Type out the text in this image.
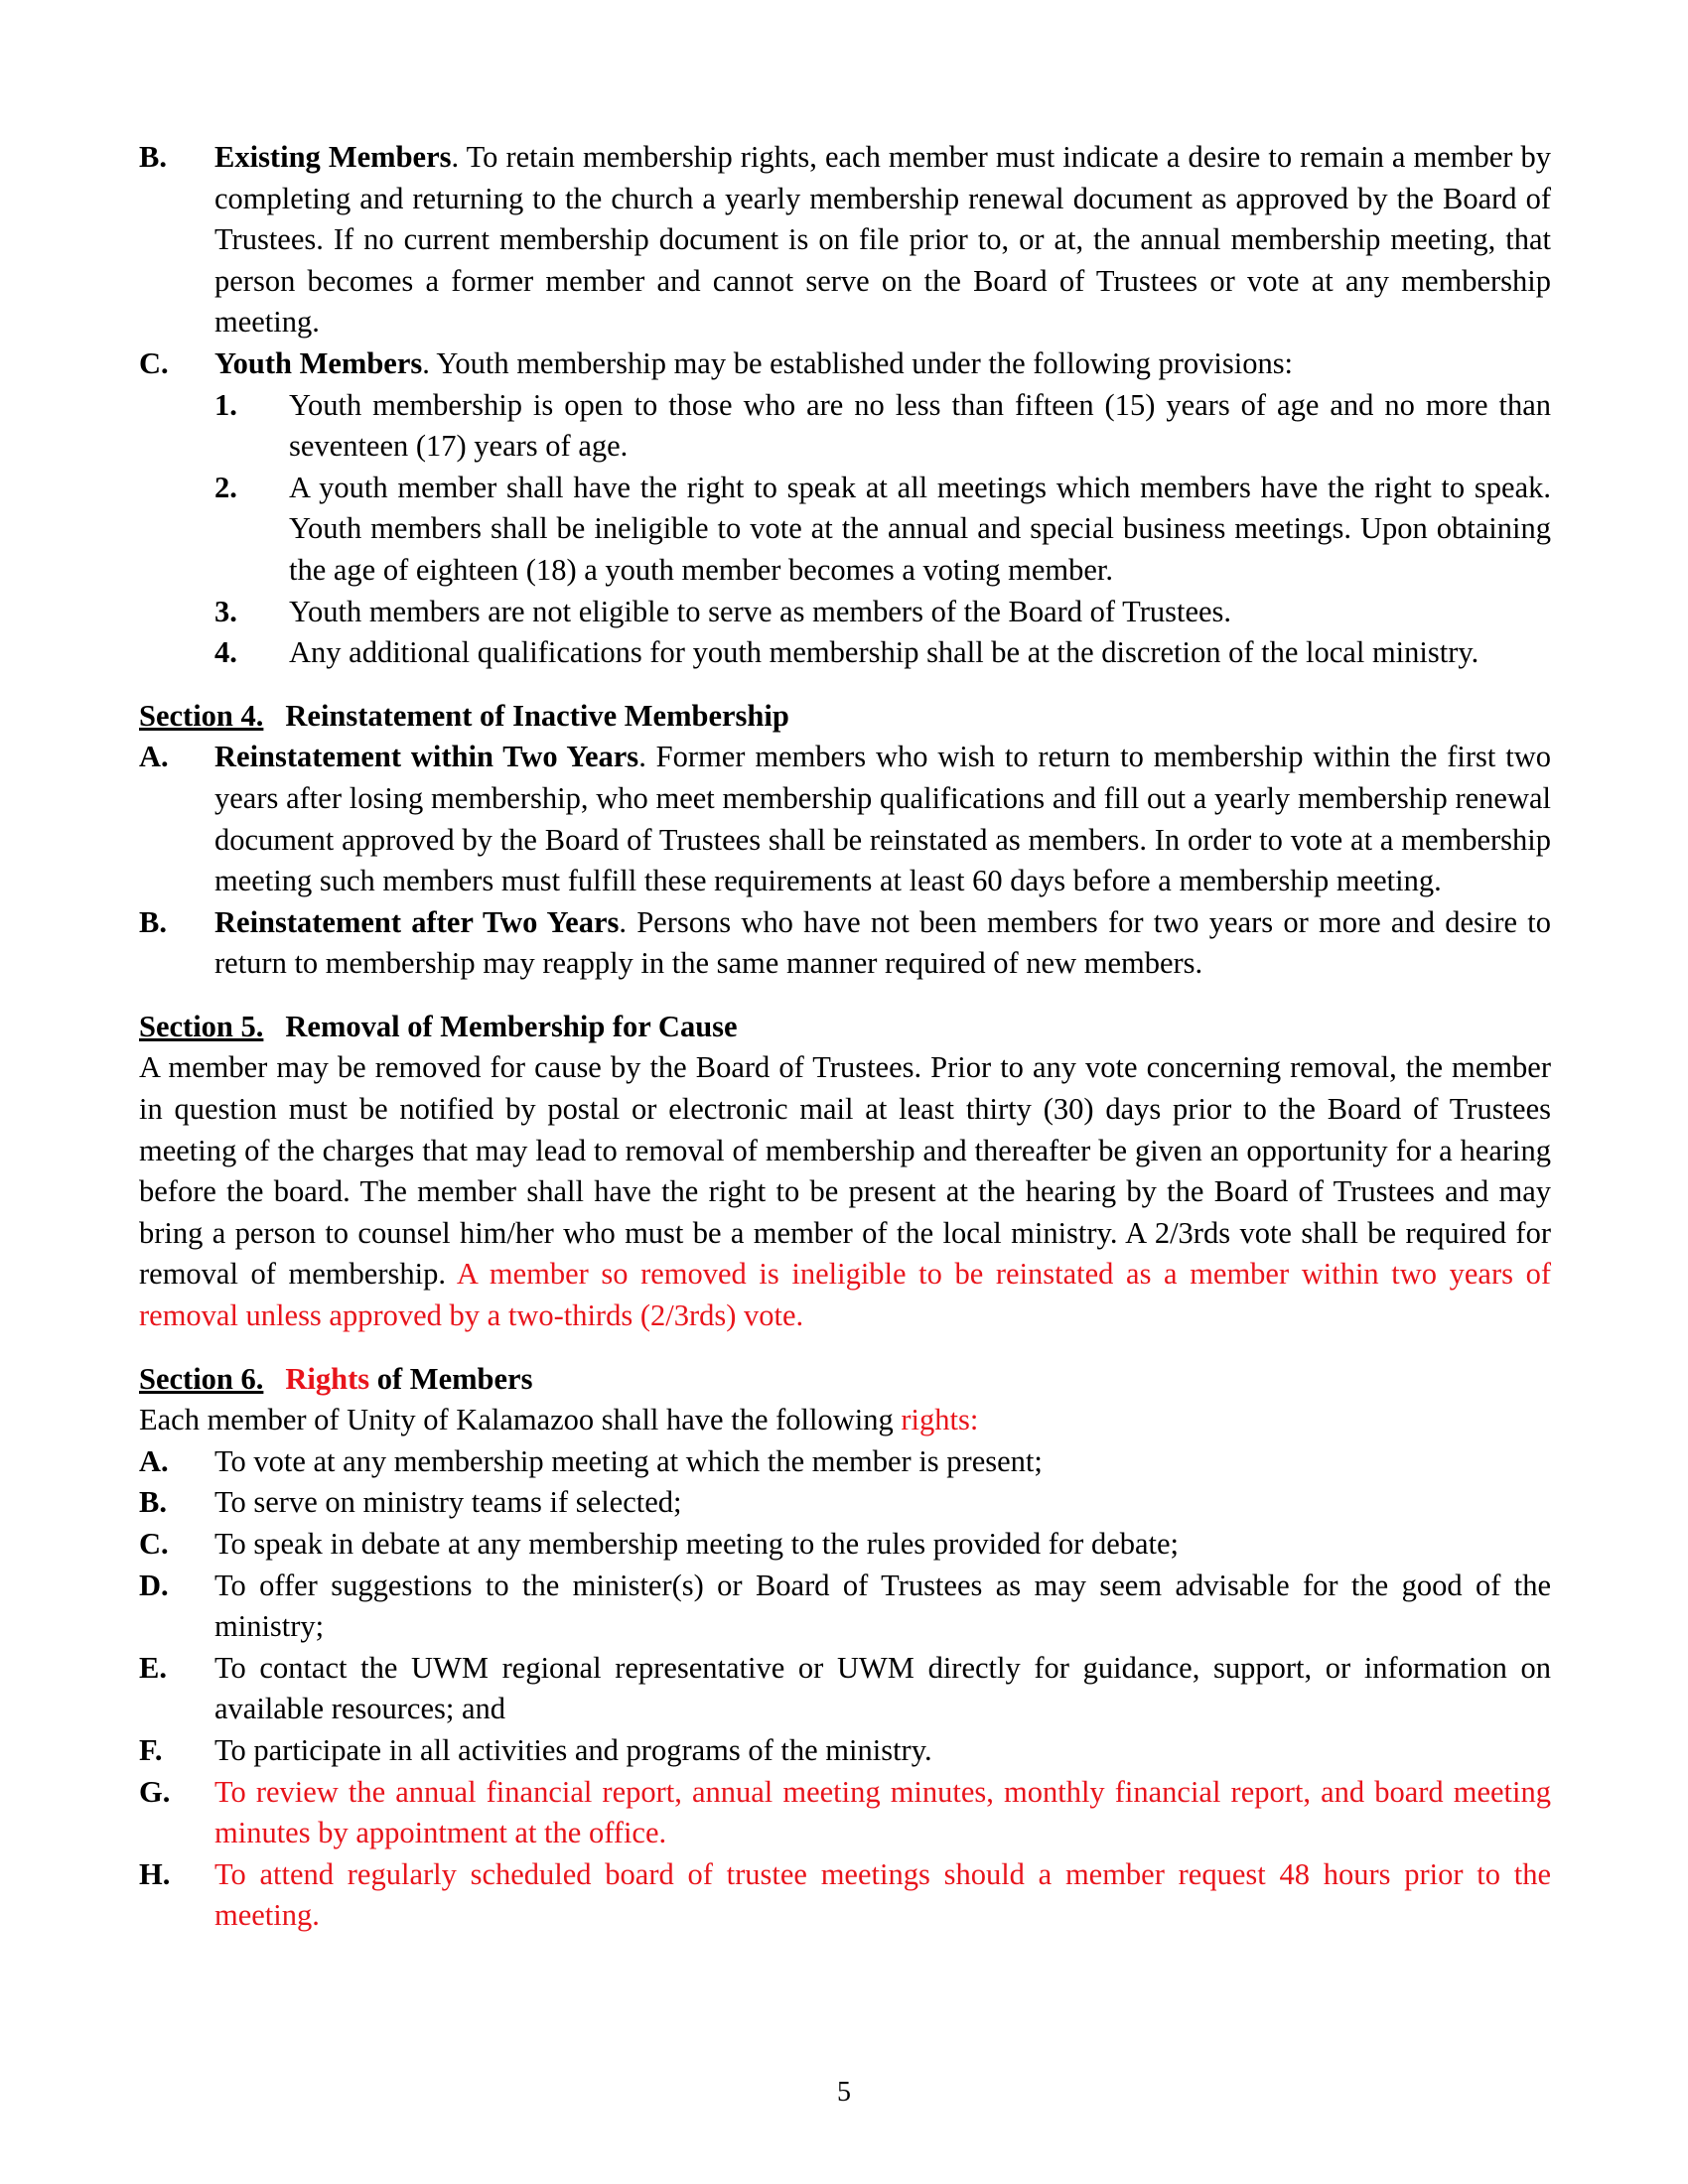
B. Existing Members. To retain membership rights, each member must indicate a desire to remain a member by completing and returning to the church a yearly membership renewal document as approved by the Board of Trustees. If no current membership document is on file prior to, or at, the annual membership meeting, that person becomes a former member and cannot serve on the Board of Trustees or vote at any membership meeting.
C. Youth Members. Youth membership may be established under the following provisions:
1. Youth membership is open to those who are no less than fifteen (15) years of age and no more than seventeen (17) years of age.
2. A youth member shall have the right to speak at all meetings which members have the right to speak. Youth members shall be ineligible to vote at the annual and special business meetings. Upon obtaining the age of eighteen (18) a youth member becomes a voting member.
3. Youth members are not eligible to serve as members of the Board of Trustees.
4. Any additional qualifications for youth membership shall be at the discretion of the local ministry.
Section 4. Reinstatement of Inactive Membership
A. Reinstatement within Two Years. Former members who wish to return to membership within the first two years after losing membership, who meet membership qualifications and fill out a yearly membership renewal document approved by the Board of Trustees shall be reinstated as members. In order to vote at a membership meeting such members must fulfill these requirements at least 60 days before a membership meeting.
B. Reinstatement after Two Years. Persons who have not been members for two years or more and desire to return to membership may reapply in the same manner required of new members.
Section 5. Removal of Membership for Cause
A member may be removed for cause by the Board of Trustees. Prior to any vote concerning removal, the member in question must be notified by postal or electronic mail at least thirty (30) days prior to the Board of Trustees meeting of the charges that may lead to removal of membership and thereafter be given an opportunity for a hearing before the board. The member shall have the right to be present at the hearing by the Board of Trustees and may bring a person to counsel him/her who must be a member of the local ministry. A 2/3rds vote shall be required for removal of membership. A member so removed is ineligible to be reinstated as a member within two years of removal unless approved by a two-thirds (2/3rds) vote.
Section 6. Rights of Members
Each member of Unity of Kalamazoo shall have the following rights:
A. To vote at any membership meeting at which the member is present;
B. To serve on ministry teams if selected;
C. To speak in debate at any membership meeting to the rules provided for debate;
D. To offer suggestions to the minister(s) or Board of Trustees as may seem advisable for the good of the ministry;
E. To contact the UWM regional representative or UWM directly for guidance, support, or information on available resources; and
F. To participate in all activities and programs of the ministry.
G. To review the annual financial report, annual meeting minutes, monthly financial report, and board meeting minutes by appointment at the office.
H. To attend regularly scheduled board of trustee meetings should a member request 48 hours prior to the meeting.
5
